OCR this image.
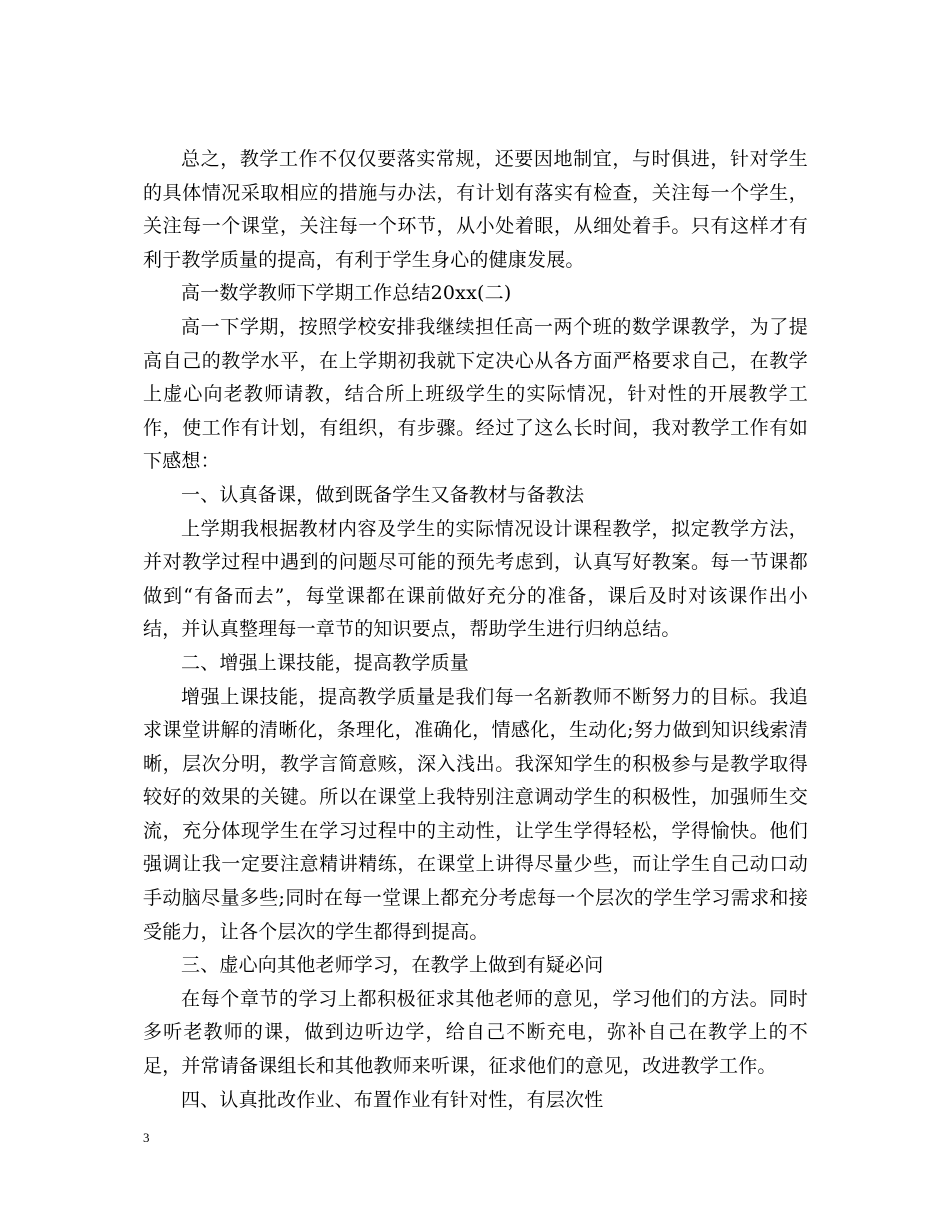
总之，教学工作不仅仅要落实常规，还要因地制宜，与时俱进，针对学生的具体情况采取相应的措施与办法，有计划有落实有检查，关注每一个学生，关注每一个课堂，关注每一个环节，从小处着眼，从细处着手。只有这样才有利于教学质量的提高，有利于学生身心的健康发展。

高一数学教师下学期工作总结20xx(二)

高一下学期，按照学校安排我继续担任高一两个班的数学课教学，为了提高自己的教学水平，在上学期初我就下定决心从各方面严格要求自己，在教学上虚心向老教师请教，结合所上班级学生的实际情况，针对性的开展教学工作，使工作有计划，有组织，有步骤。经过了这么长时间，我对教学工作有如下感想：

一、认真备课，做到既备学生又备教材与备教法

上学期我根据教材内容及学生的实际情况设计课程教学，拟定教学方法，并对教学过程中遇到的问题尽可能的预先考虑到，认真写好教案。每一节课都做到“有备而去”，每堂课都在课前做好充分的准备，课后及时对该课作出小结，并认真整理每一章节的知识要点，帮助学生进行归纳总结。

二、增强上课技能，提高教学质量

增强上课技能，提高教学质量是我们每一名新教师不断努力的目标。我追求课堂讲解的清晰化，条理化，准确化，情感化，生动化;努力做到知识线索清晰，层次分明，教学言简意赅，深入浅出。我深知学生的积极参与是教学取得较好的效果的关键。所以在课堂上我特别注意调动学生的积极性，加强师生交流，充分体现学生在学习过程中的主动性，让学生学得轻松，学得愉快。他们强调让我一定要注意精讲精练，在课堂上讲得尽量少些，而让学生自己动口动手动脑尽量多些;同时在每一堂课上都充分考虑每一个层次的学生学习需求和接受能力，让各个层次的学生都得到提高。

三、虚心向其他老师学习，在教学上做到有疑必问

在每个章节的学习上都积极征求其他老师的意见，学习他们的方法。同时多听老教师的课，做到边听边学，给自己不断充电，弥补自己在教学上的不足，并常请备课组长和其他教师来听课，征求他们的意见，改进教学工作。

四、认真批改作业、布置作业有针对性，有层次性

3
